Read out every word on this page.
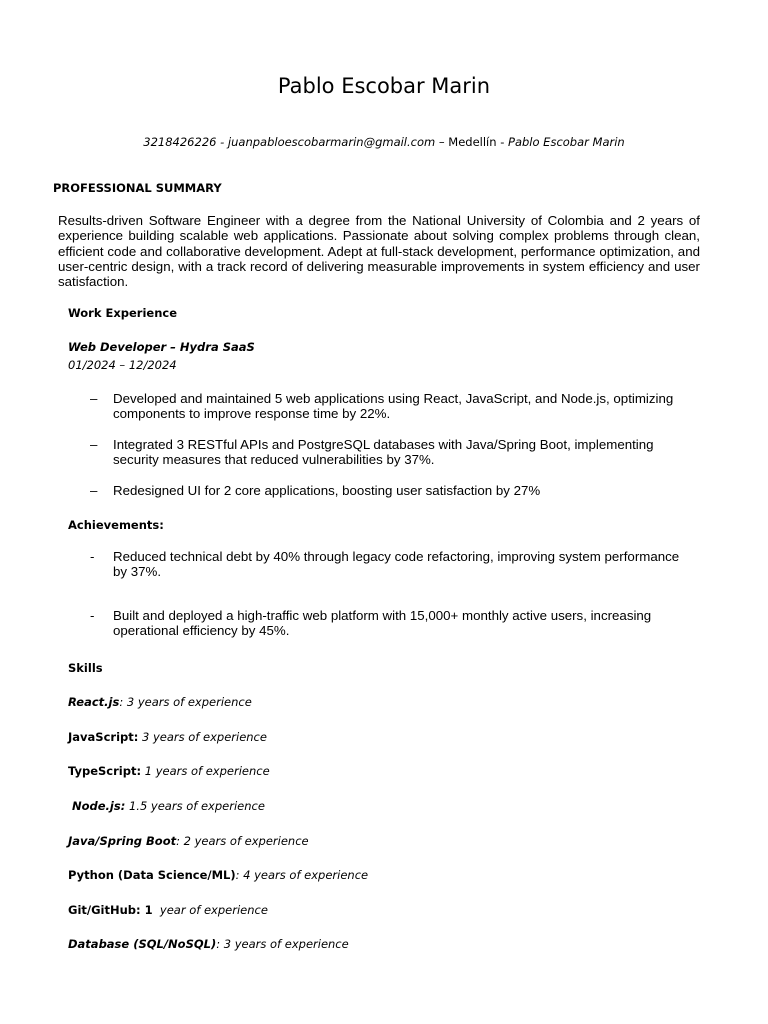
Pablo Escobar Marin
3218426226 - juanpabloescobarmarin@gmail.com – Medellín - Pablo Escobar Marin
PROFESSIONAL SUMMARY
Results-driven Software Engineer with a degree from the National University of Colombia and 2 years of experience building scalable web applications. Passionate about solving complex problems through clean, efficient code and collaborative development. Adept at full-stack development, performance optimization, and user-centric design, with a track record of delivering measurable improvements in system efficiency and user satisfaction.
Work Experience
Web Developer – Hydra SaaS
01/2024 – 12/2024
– Developed and maintained 5 web applications using React, JavaScript, and Node.js, optimizing components to improve response time by 22%.
– Integrated 3 RESTful APIs and PostgreSQL databases with Java/Spring Boot, implementing security measures that reduced vulnerabilities by 37%.
– Redesigned UI for 2 core applications, boosting user satisfaction by 27%
Achievements:
- Reduced technical debt by 40% through legacy code refactoring, improving system performance by 37%.
- Built and deployed a high-traffic web platform with 15,000+ monthly active users, increasing operational efficiency by 45%.
Skills
React.js: 3 years of experience
JavaScript: 3 years of experience
TypeScript: 1 years of experience
Node.js: 1.5 years of experience
Java/Spring Boot: 2 years of experience
Python (Data Science/ML): 4 years of experience
Git/GitHub: 1  year of experience
Database (SQL/NoSQL): 3 years of experience
